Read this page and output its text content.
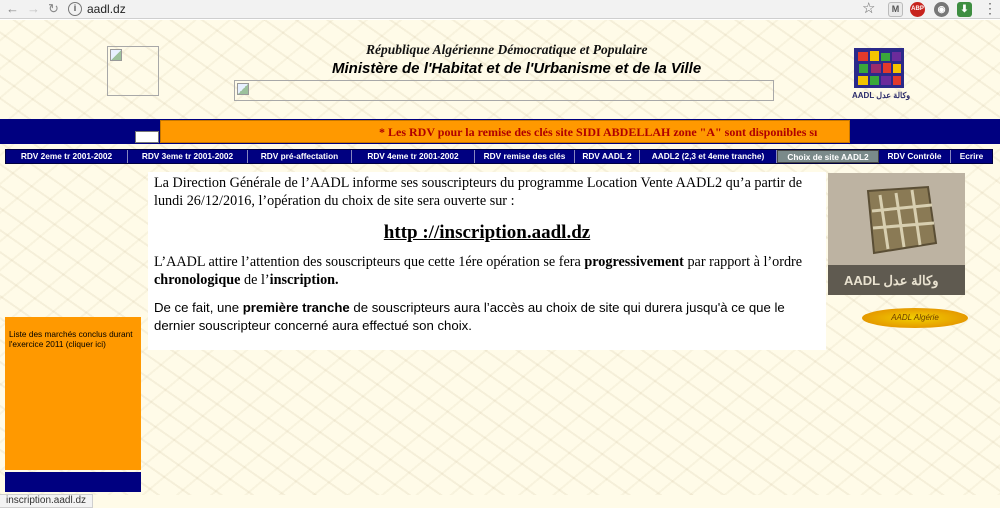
← → ↻	i aadl.dz	☆	M	ABP	◉	⬇ ⋮
République Algérienne Démocratique et Populaire
Ministère de l'Habitat et de l'Urbanisme et de la Ville
AADL وكالة عدل
* Les RDV pour la remise des clés site SIDI ABDELLAH zone "A" sont disponibles sı
RDV 2eme tr 2001-2002	RDV 3eme tr 2001-2002	RDV pré-affectation	RDV 4eme tr 2001-2002	RDV remise des clés	RDV AADL 2	AADL2 (2,3 et 4eme tranche)	Choix de site AADL2	RDV Contrôle	Ecrire
Liste des marchés conclus durant l'exercice 2011 (cliquer ici)

La Direction Générale de l’AADL informe ses souscripteurs du programme Location Vente AADL2 qu’a partir de lundi 26/12/2016, l’opération du choix de site sera ouverte sur :

http ://inscription.aadl.dz

L’AADL attire l’attention des souscripteurs que cette 1ére opération se fera progressivement par rapport à l’ordre chronologique de l’inscription.

De ce fait, une première tranche de souscripteurs aura l’accès au choix de site qui durera jusqu'à ce que le dernier souscripteur concerné aura effectué son choix.

AADL وكالة عدل
AADL Algérie
inscription.aadl.dz
